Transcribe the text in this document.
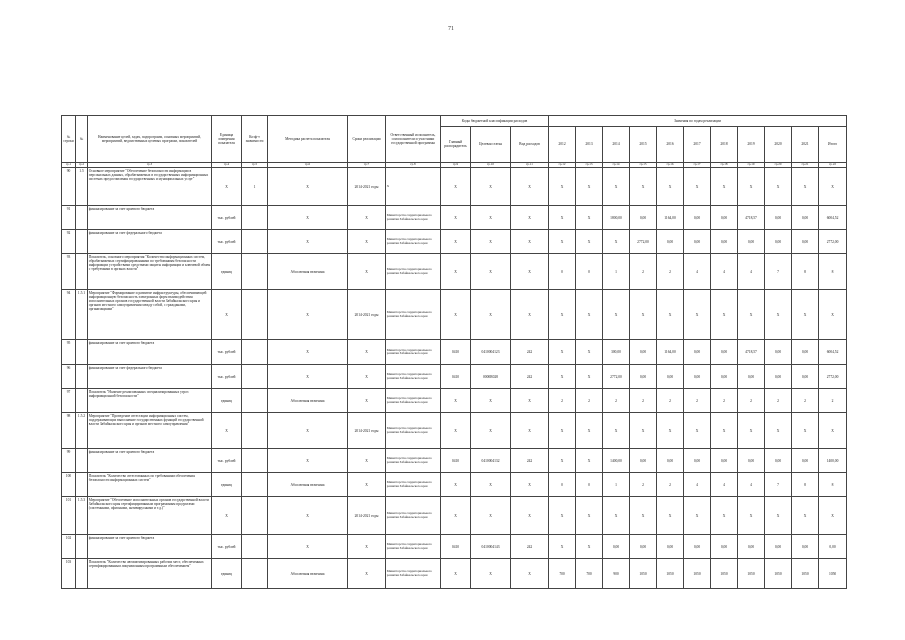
71
№ строки	№	Наименование целей, задач, подпрограмм, основных мероприятий, мероприятий, ведомственных целевых программ, показателей	Единица измерения показателя	Коэф-т значимости	Методика расчета показателя	Сроки реализации	Ответственный исполнитель, соисполнители и участники государственной программы	Коды бюджетной классификации расходов			Значения по годам реализации											
								Главный распорядитель	Целевая статья	Вид расходов	2012	2013	2014	2015	2016	2017	2018	2019	2020	2021	Итого	
гр.1	гр.2	гр.3	гр.4	гр.5	гр.6	гр.7	гр.8	гр.9	гр.10	гр.11	гр.12	гр.13	гр.14	гр.15	гр.16	гр.17	гр.18	гр.19	гр.20	гр.21	гр.22	
90	1.5	Основное мероприятие "Обеспечение безопасности информации в персональных данных, обрабатываемых в государственных информационных системах предоставления государственных и муниципальных услуг"	Х	1	Х	2014-2021 годы	Х	Х	Х	Х	Х	Х	Х	Х	Х	Х	Х	Х	Х	Х	Х	
91		финансирование за счет краевого бюджета	тыс. рублей		Х	Х	Министерство территориального развития Забайкальского края	Х	Х	Х	Х	Х	1800,00	0,00	1164,00	0,00	0,00	4718,57	0,00	0,00	6004,52	
92		финансирование за счет федерального бюджета	тыс. рублей		Х	Х	Министерство территориального развития Забайкальского края	Х	Х	Х	Х	Х	Х	2772,00	0,00	0,00	0,00	0,00	0,00	0,00	2772,00	
93		Показатель, основного мероприятия "Количество информационных систем, обрабатываемых сертифицированными по требованиям безопасности информации устройствами средствами защиты информации и ключевой обмен с требуемыми в органах власти"	единиц		Абсолютная величина	Х	Министерство территориального развития Забайкальского края	Х	Х	Х	0	0	1	2	2	4	4	4	7	8	8	
94	1.5.1	Мероприятие "Формирование и развитие инфраструктуры, обеспечивающей информационную безопасность электронных форм взаимодействия исполнительных органов государственной власти Забайкальского края и органов местного самоуправления между собой, с гражданами, организациями"	Х		Х	2014-2021 годы	Министерство территориального развития Забайкальского края	Х	Х	Х	Х	Х	Х	Х	Х	Х	Х	Х	Х	Х	Х	
95		финансирование за счет краевого бюджета	тыс. рублей		Х	Х	Министерство территориального развития Забайкальского края	0410	0410004123	242	Х	Х	300,00	0,00	1164,00	0,00	0,00	4718,57	0,00	0,00	6004,52	
96		финансирование за счет федерального бюджета	тыс. рублей		Х	Х	Министерство территориального развития Забайкальского края	0410	0000R028	242	Х	Х	2772,00	0,00	0,00	0,00	0,00	0,00	0,00	0,00	2772,00	
97		Показатель "Наличие реализованных специализированных угроз информационной безопасности"	единиц		Абсолютная величина	Х	Министерство территориального развития Забайкальского края	Х	Х	Х	2	2	2	2	2	2	2	2	2	2	2	
98	1.5.2	Мероприятие "Проведение аттестации информационных систем, поддерживающих выполнение государственных функций государственной власти Забайкальского края и органов местного самоуправления"	Х		Х	2014-2021 годы	Министерство территориального развития Забайкальского края	Х	Х	Х	Х	Х	Х	Х	Х	Х	Х	Х	Х	Х	Х	
99		финансирование за счет краевого бюджета	тыс. рублей		Х	Х	Министерство территориального развития Забайкальского края	0410	0410004132	242	Х	Х	1400,00	0,00	0,00	0,00	0,00	0,00	0,00	0,00	1400,00	
100		Показатель "Количество аттестованных по требованиям обеспечения безопасности информационных систем"	единиц		Абсолютная величина	Х	Министерство территориального развития Забайкальского края	Х	Х	Х	0	0	1	2	2	4	4	4	7	8	8	
101	1.5.3	Мероприятие "Обеспечение исполнительных органов государственной власти Забайкальского края сертифицированным программным продуктами (системными, офисными, антивирусными и т.д.)"	Х		Х	2014-2021 годы	Министерство территориального развития Забайкальского края	Х	Х	Х	Х	Х	Х	Х	Х	Х	Х	Х	Х	Х	Х	
102		финансирование за счет краевого бюджета	тыс. рублей		Х	Х	Министерство территориального развития Забайкальского края	0410	0410004143	242	Х	Х	0,00	0,00	0,00	0,00	0,00	0,00	0,00	0,00	0,00	
103		Показатель "Количество автоматизированных рабочих мест, обеспеченных сертифицированным лицензионным программным обеспечением"	единиц		Абсолютная величина	Х	Министерство территориального развития Забайкальского края	Х	Х	Х	700	700	900	1050	1050	1050	1050	1050	1050	1050	1050	
